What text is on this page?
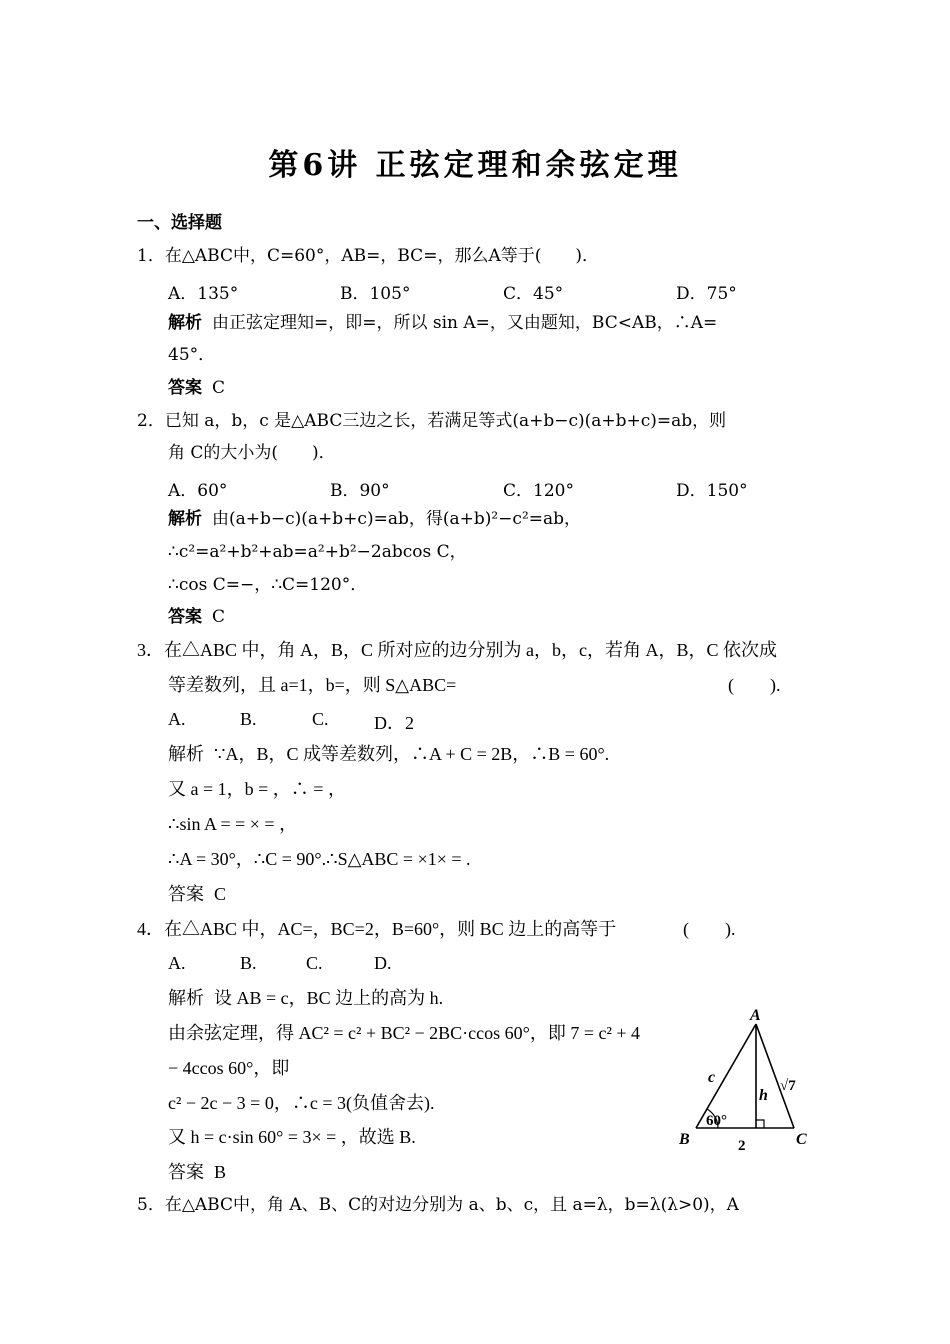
第6讲 正弦定理和余弦定理
一、选择题
1．在△ABC中，C=60°，AB=，BC=，那么A等于(　　)．
A．135°	B．105°	C．45°	D．75°
解析 由正弦定理知=，即=，所以 sin A=，又由题知，BC<AB，∴A=
45°．
答案 C
2．已知 a，b，c 是△ABC三边之长，若满足等式(a+b−c)(a+b+c)=ab，则
角 C的大小为(　　)．
A．60°	B．90°	C．120°	D．150°
解析 由(a+b−c)(a+b+c)=ab，得(a+b)²−c²=ab，
∴c²=a²+b²+ab=a²+b²−2abcos C，
∴cos C=−，∴C=120°．
答案 C
3．在△ABC 中，角 A，B，C 所对应的边分别为 a，b，c，若角 A，B，C 依次成
等差数列，且 a=1，b=，则 S△ABC=	(　　).
A.	B.	C.	D．2
解析 ∵A，B，C 成等差数列，∴A + C = 2B，∴B = 60°.
又 a = 1，b = ，∴ = ，
∴sin A = = × = ，
∴A = 30°，∴C = 90°.∴S△ABC = ×1× = .
答案 C
4．在△ABC 中，AC=，BC=2，B=60°，则 BC 边上的高等于	(　　).
A.	B.	C.	D.
解析 设 AB = c，BC 边上的高为 h.
由余弦定理，得 AC² = c² + BC² − 2BC·ccos 60°，即 7 = c² + 4
− 4ccos 60°，即
c² − 2c − 3 = 0，∴c = 3(负值舍去).
又 h = c·sin 60° = 3× = ，故选 B.
答案 B
A
B	C
c
h
√7
60°
2
5．在△ABC中，角 A、B、C的对边分别为 a、b、c，且 a=λ，b=λ(λ>0)，A
